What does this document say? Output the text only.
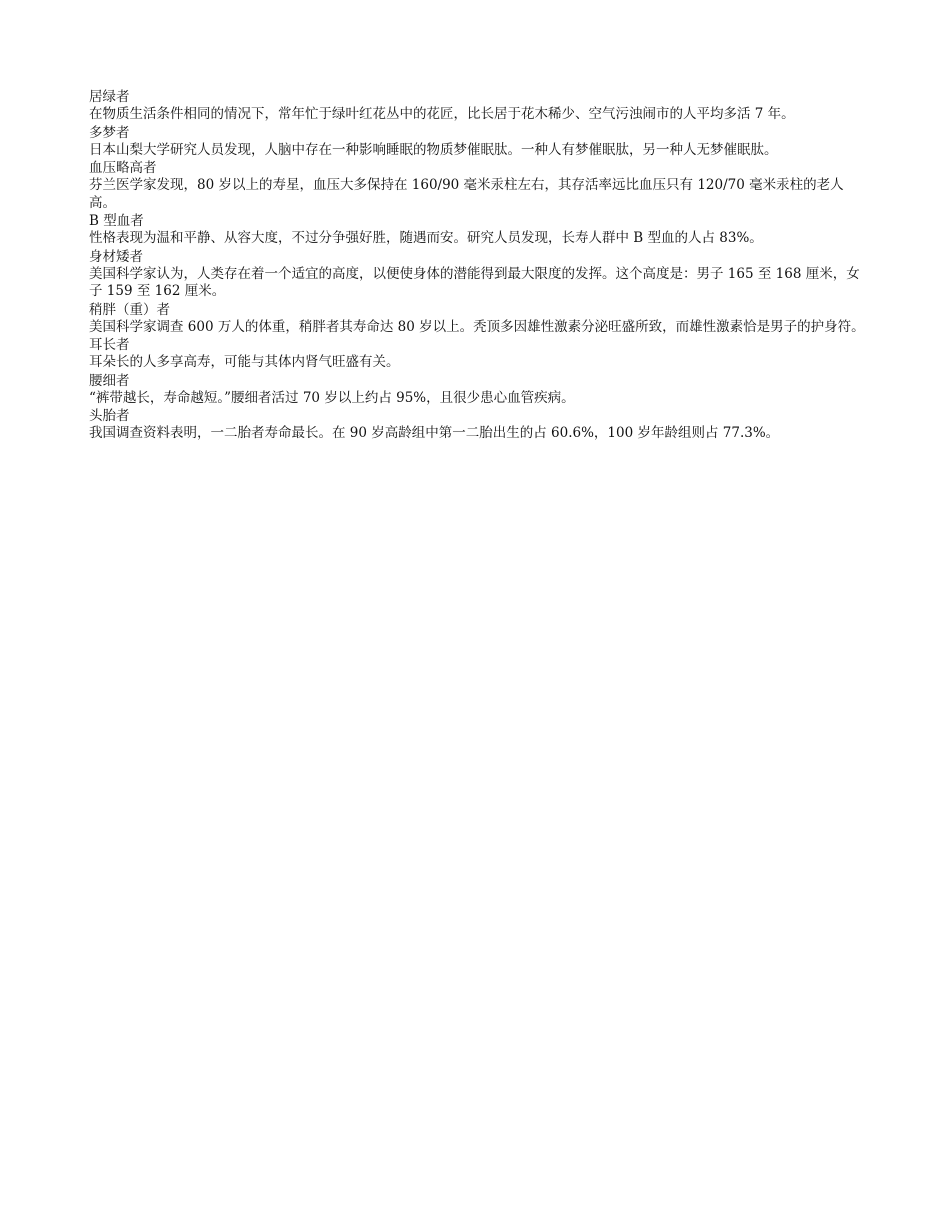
居绿者
在物质生活条件相同的情况下，常年忙于绿叶红花丛中的花匠，比长居于花木稀少、空气污浊闹市的人平均多活 7 年。
多梦者
日本山梨大学研究人员发现，人脑中存在一种影响睡眠的物质梦催眠肽。一种人有梦催眠肽，另一种人无梦催眠肽。
血压略高者
芬兰医学家发现，80 岁以上的寿星，血压大多保持在 160/90 毫米汞柱左右，其存活率远比血压只有 120/70 毫米汞柱的老人高。
B 型血者
性格表现为温和平静、从容大度，不过分争强好胜，随遇而安。研究人员发现，长寿人群中 B 型血的人占 83%。
身材矮者
美国科学家认为，人类存在着一个适宜的高度，以便使身体的潜能得到最大限度的发挥。这个高度是：男子 165 至 168 厘米，女子 159 至 162 厘米。
稍胖（重）者
美国科学家调查 600 万人的体重，稍胖者其寿命达 80 岁以上。秃顶多因雄性激素分泌旺盛所致，而雄性激素恰是男子的护身符。
耳长者
耳朵长的人多享高寿，可能与其体内肾气旺盛有关。
腰细者
“裤带越长，寿命越短。”腰细者活过 70 岁以上约占 95%，且很少患心血管疾病。
头胎者
我国调查资料表明，一二胎者寿命最长。在 90 岁高龄组中第一二胎出生的占 60.6%，100 岁年龄组则占 77.3%。
